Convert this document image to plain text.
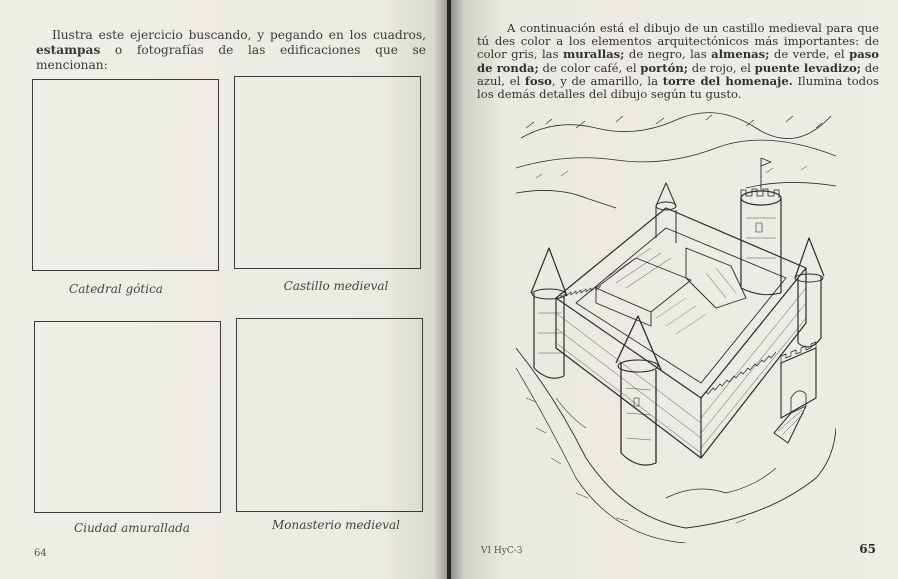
Ilustra este ejercicio buscando, y pegando en los cuadros, estampas o fotografías de las edificaciones que se mencionan:
Catedral gótica	Castillo medieval
Ciudad amurallada	Monasterio medieval
64
A continuación está el dibujo de un castillo medieval para que tú des color a los elementos arquitectónicos más importantes: de color gris, las murallas; de negro, las almenas; de verde, el paso de ronda; de color café, el portón; de rojo, el puente levadizo; de azul, el foso, y de amarillo, la torre del homenaje. Ilumina todos los demás detalles del dibujo según tu gusto.
VI HyC-3	65
